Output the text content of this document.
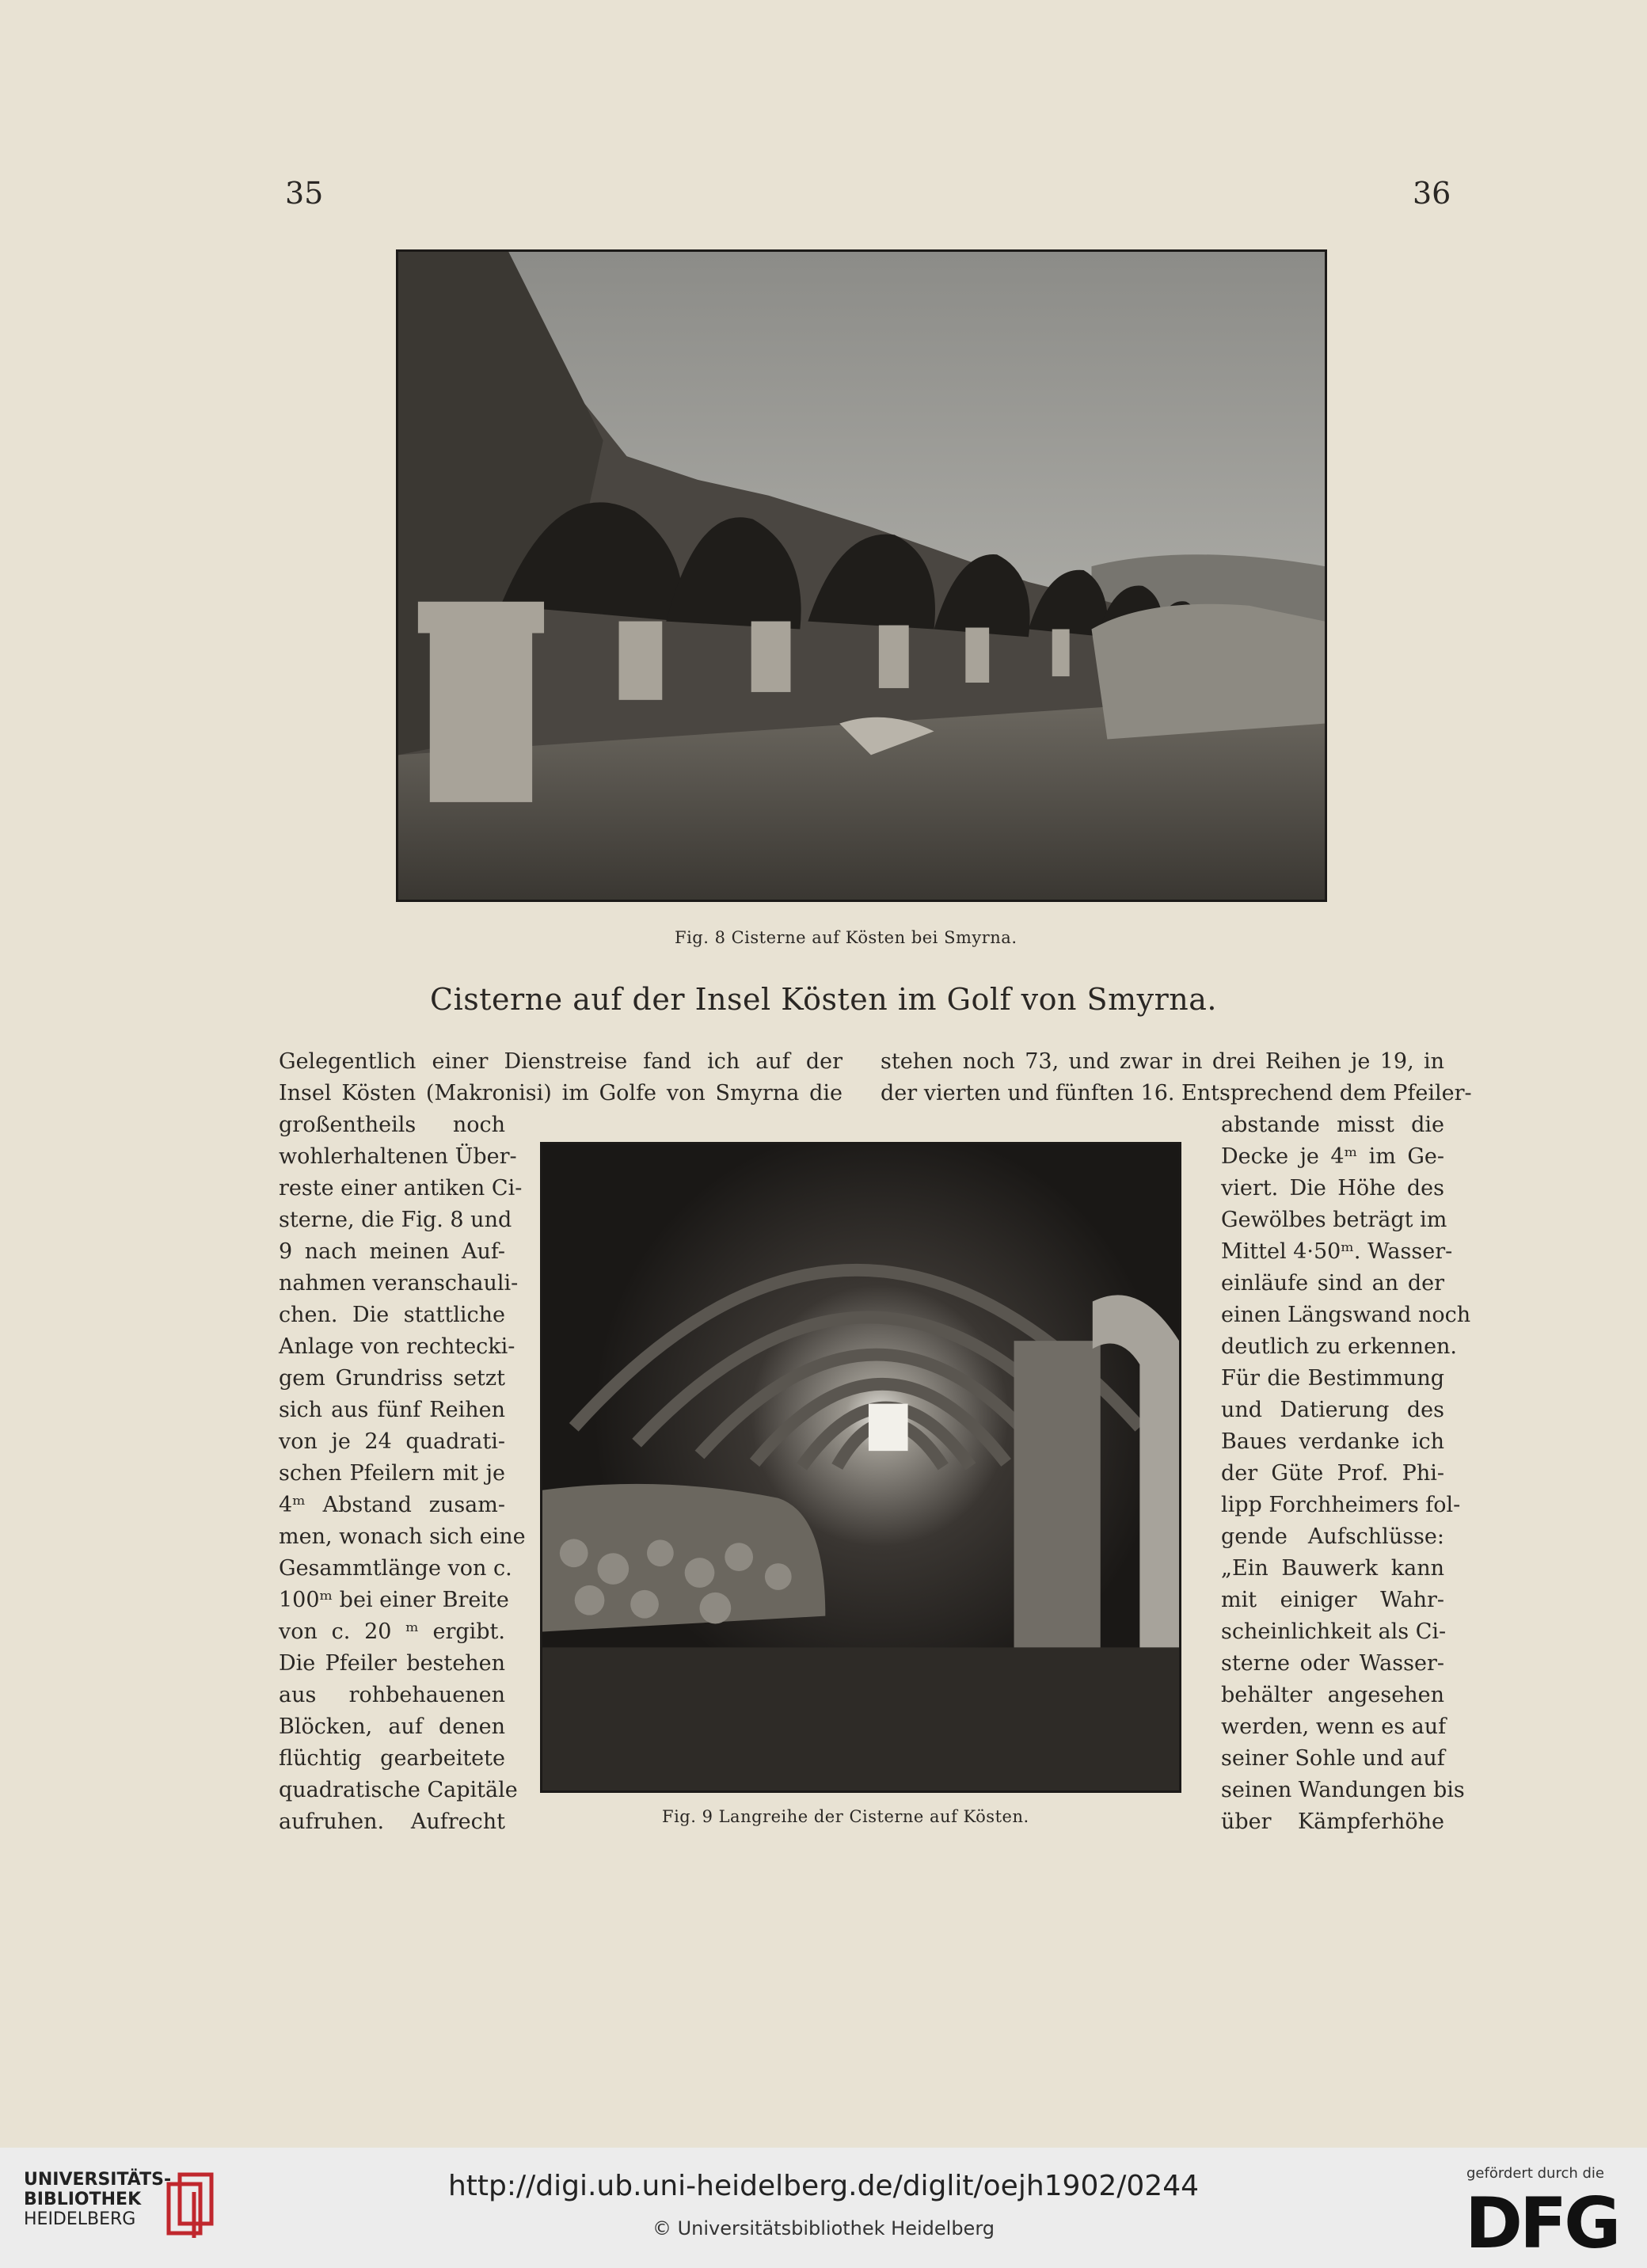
35	36
Fig. 8 Cisterne auf Kösten bei Smyrna.
Cisterne auf der Insel Kösten im Golf von Smyrna.
Fig. 9 Langreihe der Cisterne auf Kösten.
Gelegentlich einer Dienstreise fand ich auf der
Insel Kösten (Makronisi) im Golfe von Smyrna die
stehen noch 73, und zwar in drei Reihen je 19, in
der vierten und fünften 16. Entsprechend dem Pfeiler-
großentheils noch
wohlerhaltenen Über-
reste einer antiken Ci-
sterne, die Fig. 8 und
9 nach meinen Auf-
nahmen veranschauli-
chen. Die stattliche
Anlage von rechtecki-
gem Grundriss setzt
sich aus fünf Reihen
von je 24 quadrati-
schen Pfeilern mit je
4ᵐ Abstand zusam-
men, wonach sich eine
Gesammtlänge von c.
100ᵐ bei einer Breite
von c. 20 ᵐ ergibt.
Die Pfeiler bestehen
aus rohbehauenen
Blöcken, auf denen
flüchtig gearbeitete
quadratische Capitäle
aufruhen. Aufrecht
abstande misst die
Decke je 4ᵐ im Ge-
viert. Die Höhe des
Gewölbes beträgt im
Mittel 4·50ᵐ. Wasser-
einläufe sind an der
einen Längswand noch
deutlich zu erkennen.
Für die Bestimmung
und Datierung des
Baues verdanke ich
der Güte Prof. Phi-
lipp Forchheimers fol-
gende Aufschlüsse:
„Ein Bauwerk kann
mit einiger Wahr-
scheinlichkeit als Ci-
sterne oder Wasser-
behälter angesehen
werden, wenn es auf
seiner Sohle und auf
seinen Wandungen bis
über Kämpferhöhe
UNIVERSITÄTS-
BIBLIOTHEK
HEIDELBERG
http://digi.ub.uni-heidelberg.de/diglit/oejh1902/0244
© Universitätsbibliothek Heidelberg
gefördert durch die
DFG
